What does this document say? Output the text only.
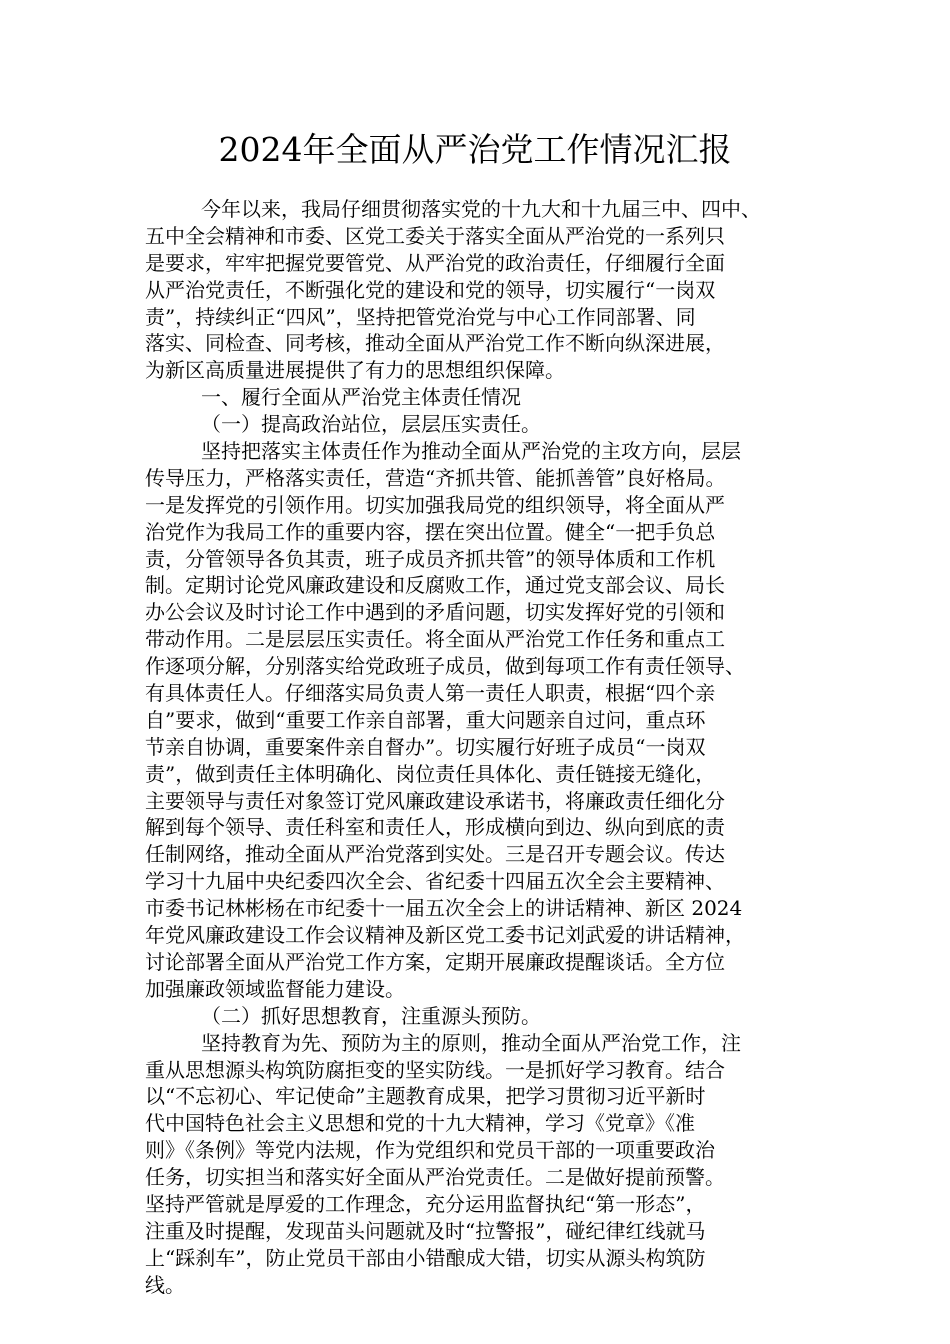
2024年全面从严治党工作情况汇报
今年以来，我局仔细贯彻落实党的十九大和十九届三中、四中、
五中全会精神和市委、区党工委关于落实全面从严治党的一系列只
是要求，牢牢把握党要管党、从严治党的政治责任，仔细履行全面
从严治党责任，不断强化党的建设和党的领导，切实履行“一岗双
责”，持续纠正“四风”，坚持把管党治党与中心工作同部署、同
落实、同检查、同考核，推动全面从严治党工作不断向纵深进展，
为新区高质量进展提供了有力的思想组织保障。
一、履行全面从严治党主体责任情况
（一）提高政治站位，层层压实责任。
坚持把落实主体责任作为推动全面从严治党的主攻方向，层层
传导压力，严格落实责任，营造“齐抓共管、能抓善管”良好格局。
一是发挥党的引领作用。切实加强我局党的组织领导，将全面从严
治党作为我局工作的重要内容，摆在突出位置。健全“一把手负总
责，分管领导各负其责，班子成员齐抓共管”的领导体质和工作机
制。定期讨论党风廉政建设和反腐败工作，通过党支部会议、局长
办公会议及时讨论工作中遇到的矛盾问题，切实发挥好党的引领和
带动作用。二是层层压实责任。将全面从严治党工作任务和重点工
作逐项分解，分别落实给党政班子成员，做到每项工作有责任领导、
有具体责任人。仔细落实局负责人第一责任人职责，根据“四个亲
自”要求，做到“重要工作亲自部署，重大问题亲自过问，重点环
节亲自协调，重要案件亲自督办”。切实履行好班子成员“一岗双
责”，做到责任主体明确化、岗位责任具体化、责任链接无缝化，
主要领导与责任对象签订党风廉政建设承诺书，将廉政责任细化分
解到每个领导、责任科室和责任人，形成横向到边、纵向到底的责
任制网络，推动全面从严治党落到实处。三是召开专题会议。传达
学习十九届中央纪委四次全会、省纪委十四届五次全会主要精神、
市委书记林彬杨在市纪委十一届五次全会上的讲话精神、新区 2024
年党风廉政建设工作会议精神及新区党工委书记刘武爱的讲话精神，
讨论部署全面从严治党工作方案，定期开展廉政提醒谈话。全方位
加强廉政领域监督能力建设。
（二）抓好思想教育，注重源头预防。
坚持教育为先、预防为主的原则，推动全面从严治党工作，注
重从思想源头构筑防腐拒变的坚实防线。一是抓好学习教育。结合
以“不忘初心、牢记使命”主题教育成果，把学习贯彻习近平新时
代中国特色社会主义思想和党的十九大精神，学习《党章》《准
则》《条例》等党内法规，作为党组织和党员干部的一项重要政治
任务，切实担当和落实好全面从严治党责任。二是做好提前预警。
坚持严管就是厚爱的工作理念，充分运用监督执纪“第一形态”，
注重及时提醒，发现苗头问题就及时“拉警报”，碰纪律红线就马
上“踩刹车”，防止党员干部由小错酿成大错，切实从源头构筑防
线。
